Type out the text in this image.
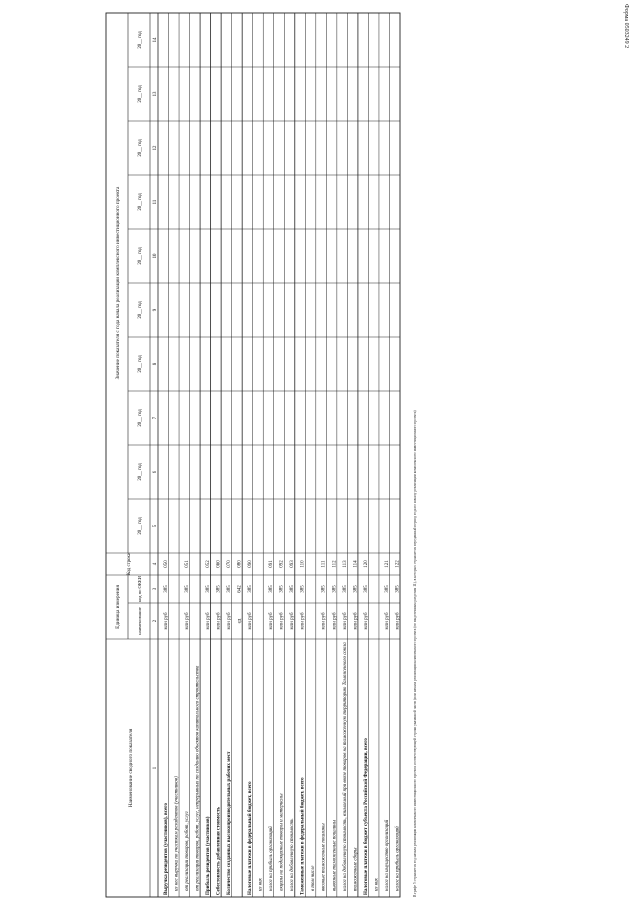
Наименование сводного показателя
Единица измерения	наименование
код по ОКЕИ
Код строки
Значение показателя с года начала реализации комплексного инвестиционного проекта
20__ год
20__ год
20__ год
20__ год
20__ год
20__ год
20__ год
20__ год
20__ год
20__ год
1
2
3
4
5
6
7
8
9
10
11
12
13
14
Выручка резидентов (участников), всего
млн руб
385
050
из нее выручка по участкам резидентов (участников) от реализации товаров, работ, услуг
млн руб
385
051
от реализации товаров, работ, услуг, непрерывных по созданию объектов капитального строительства Прибыль резидентов (участников)
млн руб
385
052
Себестоимость добавленная стоимость
млн руб
385
060
Количество созданных высокопроизводительных рабочих мест
млн руб
385
070
ед
642
080
Налоговые платежи в федеральный бюджет, всего
млн руб
385
090
из них налог на прибыль организаций
млн руб
385
091
акцизы на подакцизные товары и материалы
млн руб
385
092
налог на добавленную стоимость
млн руб
385
093
Таможенные платежи в федеральный бюджет, всего
млн руб
385
110
в том числе ввозные таможенные пошлины
млн руб
385
111
вывозные таможенные пошлины
млн руб
385
112
налог на добавленную стоимость, взимаемый при ввозе товаров на таможенную территорию Таможенного союза
млн руб
385
113
таможенные сборы
млн руб
385
114
Налоговые платежи в бюджет субъекта Российской Федерации, всего
млн руб
385
120
из них налог на имущество организаций
млн руб
385
121
налог на прибыль организаций
млн руб
385
122	В графе 5 отражается год начала реализации комплексного инвестиционного проекта соответствующей строки указанной части (или начала реализации комплексного проекта (по выделенным разделам 11), в которых отражается переданный период года по началу реализации комплексного инвестиционного проекта)
Форма 0503249 2
